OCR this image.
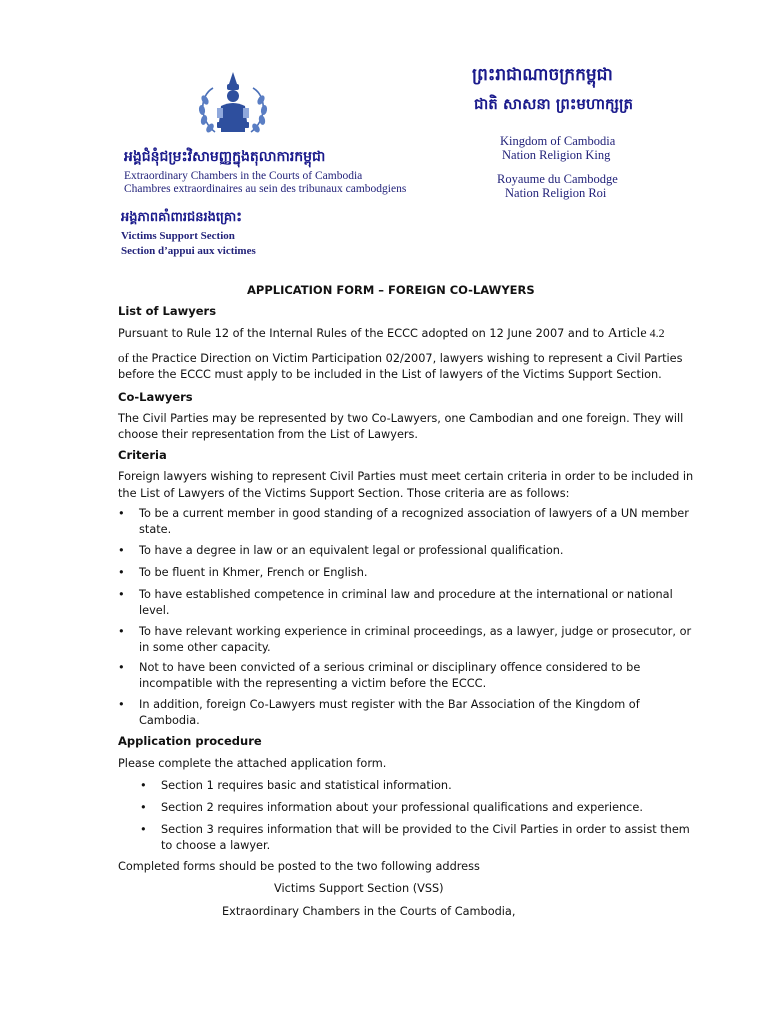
ព្រះរាជាណាចក្រកម្ពុជា
ជាតិ សាសនា ព្រះមហាក្សត្រ
Kingdom of Cambodia
Nation Religion King
Royaume du Cambodge
Nation Religion Roi
អង្គជំនុំជម្រះវិសាមញ្ញក្នុងតុលាការកម្ពុជា
Extraordinary Chambers in the Courts of Cambodia
Chambres extraordinaires au sein des tribunaux cambodgiens
អង្គភាពគាំពារជនរងគ្រោះ
Victims Support Section
Section d’appui aux victimes
APPLICATION FORM – FOREIGN CO-LAWYERS
List of Lawyers
Pursuant to Rule 12 of the Internal Rules of the ECCC adopted on 12 June 2007 and to Article 4.2
of the Practice Direction on Victim Participation 02/2007, lawyers wishing to represent a Civil Parties
before the ECCC must apply to be included in the List of lawyers of the Victims Support Section.
Co-Lawyers
The Civil Parties may be represented by two Co-Lawyers, one Cambodian and one foreign. They will
choose their representation from the List of Lawyers.
Criteria
Foreign lawyers wishing to represent Civil Parties must meet certain criteria in order to be included in
the List of Lawyers of the Victims Support Section. Those criteria are as follows:
• To be a current member in good standing of a recognized association of lawyers of a UN member
state.
• To have a degree in law or an equivalent legal or professional qualification.
• To be fluent in Khmer, French or English.
• To have established competence in criminal law and procedure at the international or national
level.
• To have relevant working experience in criminal proceedings, as a lawyer, judge or prosecutor, or
in some other capacity.
• Not to have been convicted of a serious criminal or disciplinary offence considered to be
incompatible with the representing a victim before the ECCC.
• In addition, foreign Co-Lawyers must register with the Bar Association of the Kingdom of
Cambodia.
Application procedure
Please complete the attached application form.
• Section 1 requires basic and statistical information.
• Section 2 requires information about your professional qualifications and experience.
• Section 3 requires information that will be provided to the Civil Parties in order to assist them
to choose a lawyer.
Completed forms should be posted to the two following address
Victims Support Section (VSS)
Extraordinary Chambers in the Courts of Cambodia,
